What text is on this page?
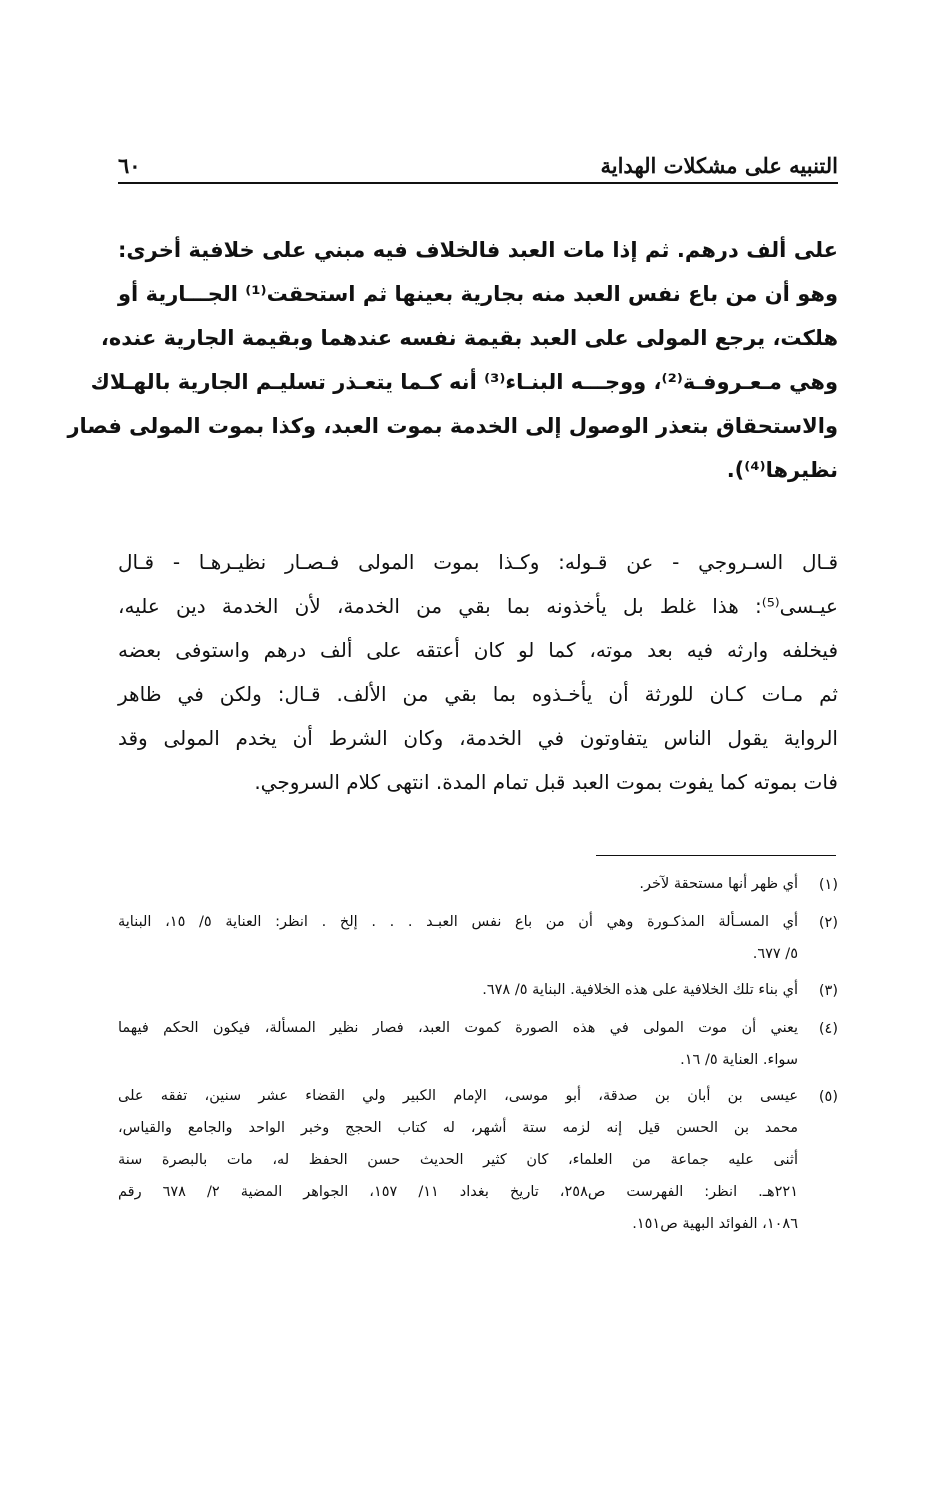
التنبيه على مشكلات الهداية
٦٠
على ألف درهم. ثم إذا مات العبد فالخلاف فيه مبني على خلافية أخرى:
وهو أن من باع نفس العبد منه بجارية بعينها ثم استحقت⁽¹⁾ الجـــارية أو
هلكت، يرجع المولى على العبد بقيمة نفسه عندهما وبقيمة الجارية عنده،
وهي مـعـروفـة⁽²⁾، ووجـــه البنـاء⁽³⁾ أنه كـما يتعـذر تسليـم الجارية بالهـلاك
والاستحقاق بتعذر الوصول إلى الخدمة بموت العبد، وكذا بموت المولى فصار
نظيرها⁽⁴⁾).
قـال السـروجي - عن قـوله: وكـذا بموت المولى فـصـار نظيـرهـا - قـال
عيـسى⁽⁵⁾: هذا غلط بل يأخذونه بما بقي من الخدمة، لأن الخدمة دين عليه،
فيخلفه وارثه فيه بعد موته، كما لو كان أعتقه على ألف درهم واستوفى بعضه
ثم مـات كـان للورثة أن يأخـذوه بما بقي من الألف. قـال: ولكن في ظاهر
الرواية يقول الناس يتفاوتون في الخدمة، وكان الشرط أن يخدم المولى وقد
فات بموته كما يفوت بموت العبد قبل تمام المدة. انتهى كلام السروجي.
(١)
أي ظهر أنها مستحقة لآخر.
(٢)
أي المسـألة المذكـورة وهي أن من باع نفس العبـد . . . إلخ . انظر: العناية ٥/ ١٥، البناية
٥/ ٦٧٧.
(٣)
أي بناء تلك الخلافية على هذه الخلافية. البناية ٥/ ٦٧٨.
(٤)
يعني أن موت المولى في هذه الصورة كموت العبد، فصار نظير المسألة، فيكون الحكم فيهما
سواء. العناية ٥/ ١٦.
(٥)
عيسى بن أبان بن صدقة، أبو موسى، الإمام الكبير ولي القضاء عشر سنين، تفقه على
محمد بن الحسن قيل إنه لزمه ستة أشهر، له كتاب الحجج وخبر الواحد والجامع والقياس،
أثنى عليه جماعة من العلماء، كان كثير الحديث حسن الحفظ له، مات بالبصرة سنة
٢٢١هـ. انظر: الفهرست ص٢٥٨، تاريخ بغداد ١١/ ١٥٧، الجواهر المضية ٢/ ٦٧٨ رقم
١٠٨٦، الفوائد البهية ص١٥١.
